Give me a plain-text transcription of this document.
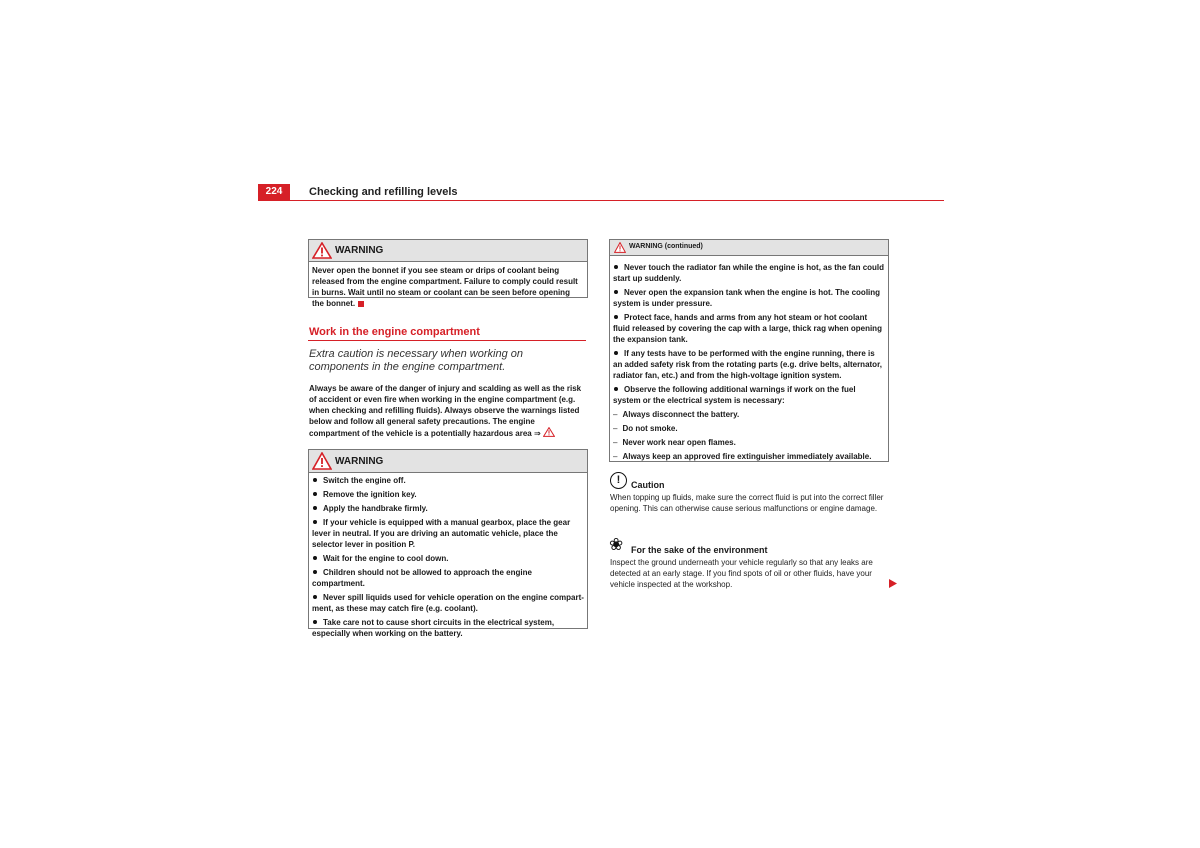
224	Checking and refilling levels
WARNING
Never open the bonnet if you see steam or drips of coolant being released from the engine compartment. Failure to comply could result in burns. Wait until no steam or coolant can be seen before opening the bonnet.
Work in the engine compartment
Extra caution is necessary when working on components in the engine compartment.
Always be aware of the danger of injury and scalding as well as the risk of accident or even fire when working in the engine compartment (e.g. when checking and refilling fluids). Always observe the warnings listed below and follow all general safety precautions. The engine compartment of the vehicle is a potentially hazardous area ⇒
WARNING

Switch the engine off.

Remove the ignition key.

Apply the handbrake firmly.

If your vehicle is equipped with a manual gearbox, place the gear lever in neutral. If you are driving an automatic vehicle, place the selector lever in position P.

Wait for the engine to cool down.

Children should not be allowed to approach the engine compartment.

Never spill liquids used for vehicle operation on the engine compartment, as these may catch fire (e.g. coolant).

Take care not to cause short circuits in the electrical system, especially when working on the battery.

WARNING (continued)

Never touch the radiator fan while the engine is hot, as the fan could start up suddenly.

Never open the expansion tank when the engine is hot. The cooling system is under pressure.

Protect face, hands and arms from any hot steam or hot coolant fluid released by covering the cap with a large, thick rag when opening the expansion tank.

If any tests have to be performed with the engine running, there is an added safety risk from the rotating parts (e.g. drive belts, alternator, radiator fan, etc.) and from the high-voltage ignition system.

Observe the following additional warnings if work on the fuel system or the electrical system is necessary:

– Always disconnect the battery.

– Do not smoke.

– Never work near open flames.

– Always keep an approved fire extinguisher immediately available.

!	Caution
When topping up fluids, make sure the correct fluid is put into the correct filler opening. This can otherwise cause serious malfunctions or engine damage.
❀ For the sake of the environment
Inspect the ground underneath your vehicle regularly so that any leaks are detected at an early stage. If you find spots of oil or other fluids, have your vehicle inspected at the workshop.
